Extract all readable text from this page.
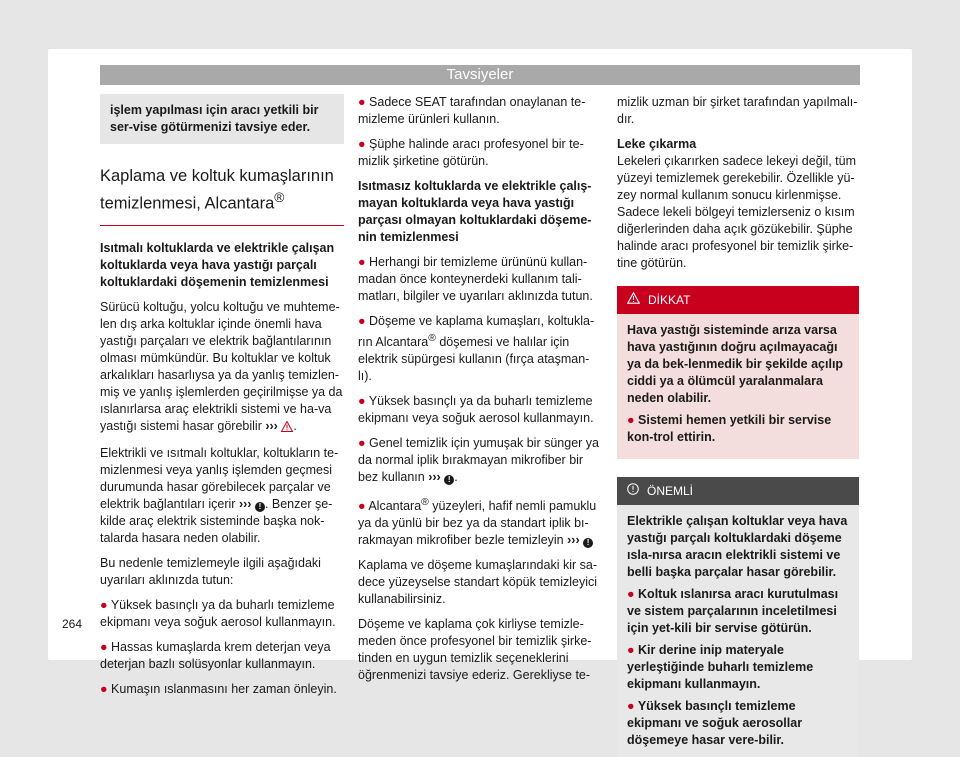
Tavsiyeler
işlem yapılması için aracı yetkili bir ser-vise götürmenizi tavsiye eder.
Kaplama ve koltuk kumaşlarının temizlenmesi, Alcantara®

Isıtmalı koltuklarda ve elektrikle çalışan koltuklarda veya hava yastığı parçalı koltuklardaki döşemenin temizlenmesi

Sürücü koltuğu, yolcu koltuğu ve muhteme-len dış arka koltuklar içinde önemli hava yastığı parçaları ve elektrik bağlantılarının olması mümkündür. Bu koltuklar ve koltuk arkalıkları hasarlıysa ya da yanlış temizlen-miş ve yanlış işlemlerden geçirilmişse ya da ıslanırlarsa araç elektrikli sistemi ve ha-va yastığı sistemi hasar görebilir ››› .

Elektrikli ve ısıtmalı koltuklar, koltukların te-mizlenmesi veya yanlış işlemden geçmesi durumunda hasar görebilecek parçalar ve elektrik bağlantıları içerir ››› ! . Benzer şe-kilde araç elektrik sisteminde başka nok-talarda hasara neden olabilir.

Bu nedenle temizlemeyle ilgili aşağıdaki uyarıları aklınızda tutun:

● Yüksek basınçlı ya da buharlı temizleme ekipmanı veya soğuk aerosol kullanmayın.

● Hassas kumaşlarda krem deterjan veya deterjan bazlı solüsyonlar kullanmayın.

● Kumaşın ıslanmasını her zaman önleyin.

264

● Sadece SEAT tarafından onaylanan te-mizleme ürünleri kullanın.

● Şüphe halinde aracı profesyonel bir te-mizlik şirketine götürün.

Isıtmasız koltuklarda ve elektrikle çalış-mayan koltuklarda veya hava yastığı parçası olmayan koltuklardaki döşeme-nin temizlenmesi

● Herhangi bir temizleme ürününü kullan-madan önce konteynerdeki kullanım tali-matları, bilgiler ve uyarıları aklınızda tutun.

● Döşeme ve kaplama kumaşları, koltukla-rın Alcantara® döşemesi ve halılar için elektrik süpürgesi kullanın (fırça ataşman-lı).

● Yüksek basınçlı ya da buharlı temizleme ekipmanı veya soğuk aerosol kullanmayın.

● Genel temizlik için yumuşak bir sünger ya da normal iplik bırakmayan mikrofiber bir bez kullanın ››› ! .

● Alcantara® yüzeyleri, hafif nemli pamuklu ya da yünlü bir bez ya da standart iplik bı-rakmayan mikrofiber bezle temizleyin ››› !

Kaplama ve döşeme kumaşlarındaki kir sa-dece yüzeyselse standart köpük temizleyici kullanabilirsiniz.

Döşeme ve kaplama çok kirliyse temizle-meden önce profesyonel bir temizlik şirke-tinden en uygun temizlik seçeneklerini öğrenmenizi tavsiye ederiz. Gerekliyse te-

mizlik uzman bir şirket tarafından yapılmalı-dır.

Leke çıkarma

Lekeleri çıkarırken sadece lekeyi değil, tüm yüzeyi temizlemek gerekebilir. Özellikle yü-zey normal kullanım sonucu kirlenmişse. Sadece lekeli bölgeyi temizlerseniz o kısım diğerlerinden daha açık gözükebilir. Şüphe halinde aracı profesyonel bir temizlik şirke-tine götürün.

DİKKAT

Hava yastığı sisteminde arıza varsa hava yastığının doğru açılmayacağı ya da bek-lenmedik bir şekilde açılıp ciddi ya a ölümcül yaralanmalara neden olabilir.

● Sistemi hemen yetkili bir servise kon-trol ettirin.

ÖNEMLİ

Elektrikle çalışan koltuklar veya hava yastığı parçalı koltuklardaki döşeme ısla-nırsa aracın elektrikli sistemi ve belli başka parçalar hasar görebilir.

● Koltuk ıslanırsa aracı kurutulması ve sistem parçalarının inceletilmesi için yet-kili bir servise götürün.

● Kir derine inip materyale yerleştiğinde buharlı temizleme ekipmanı kullanmayın.

● Yüksek basınçlı temizleme ekipmanı ve soğuk aerosollar döşemeye hasar vere-bilir.
